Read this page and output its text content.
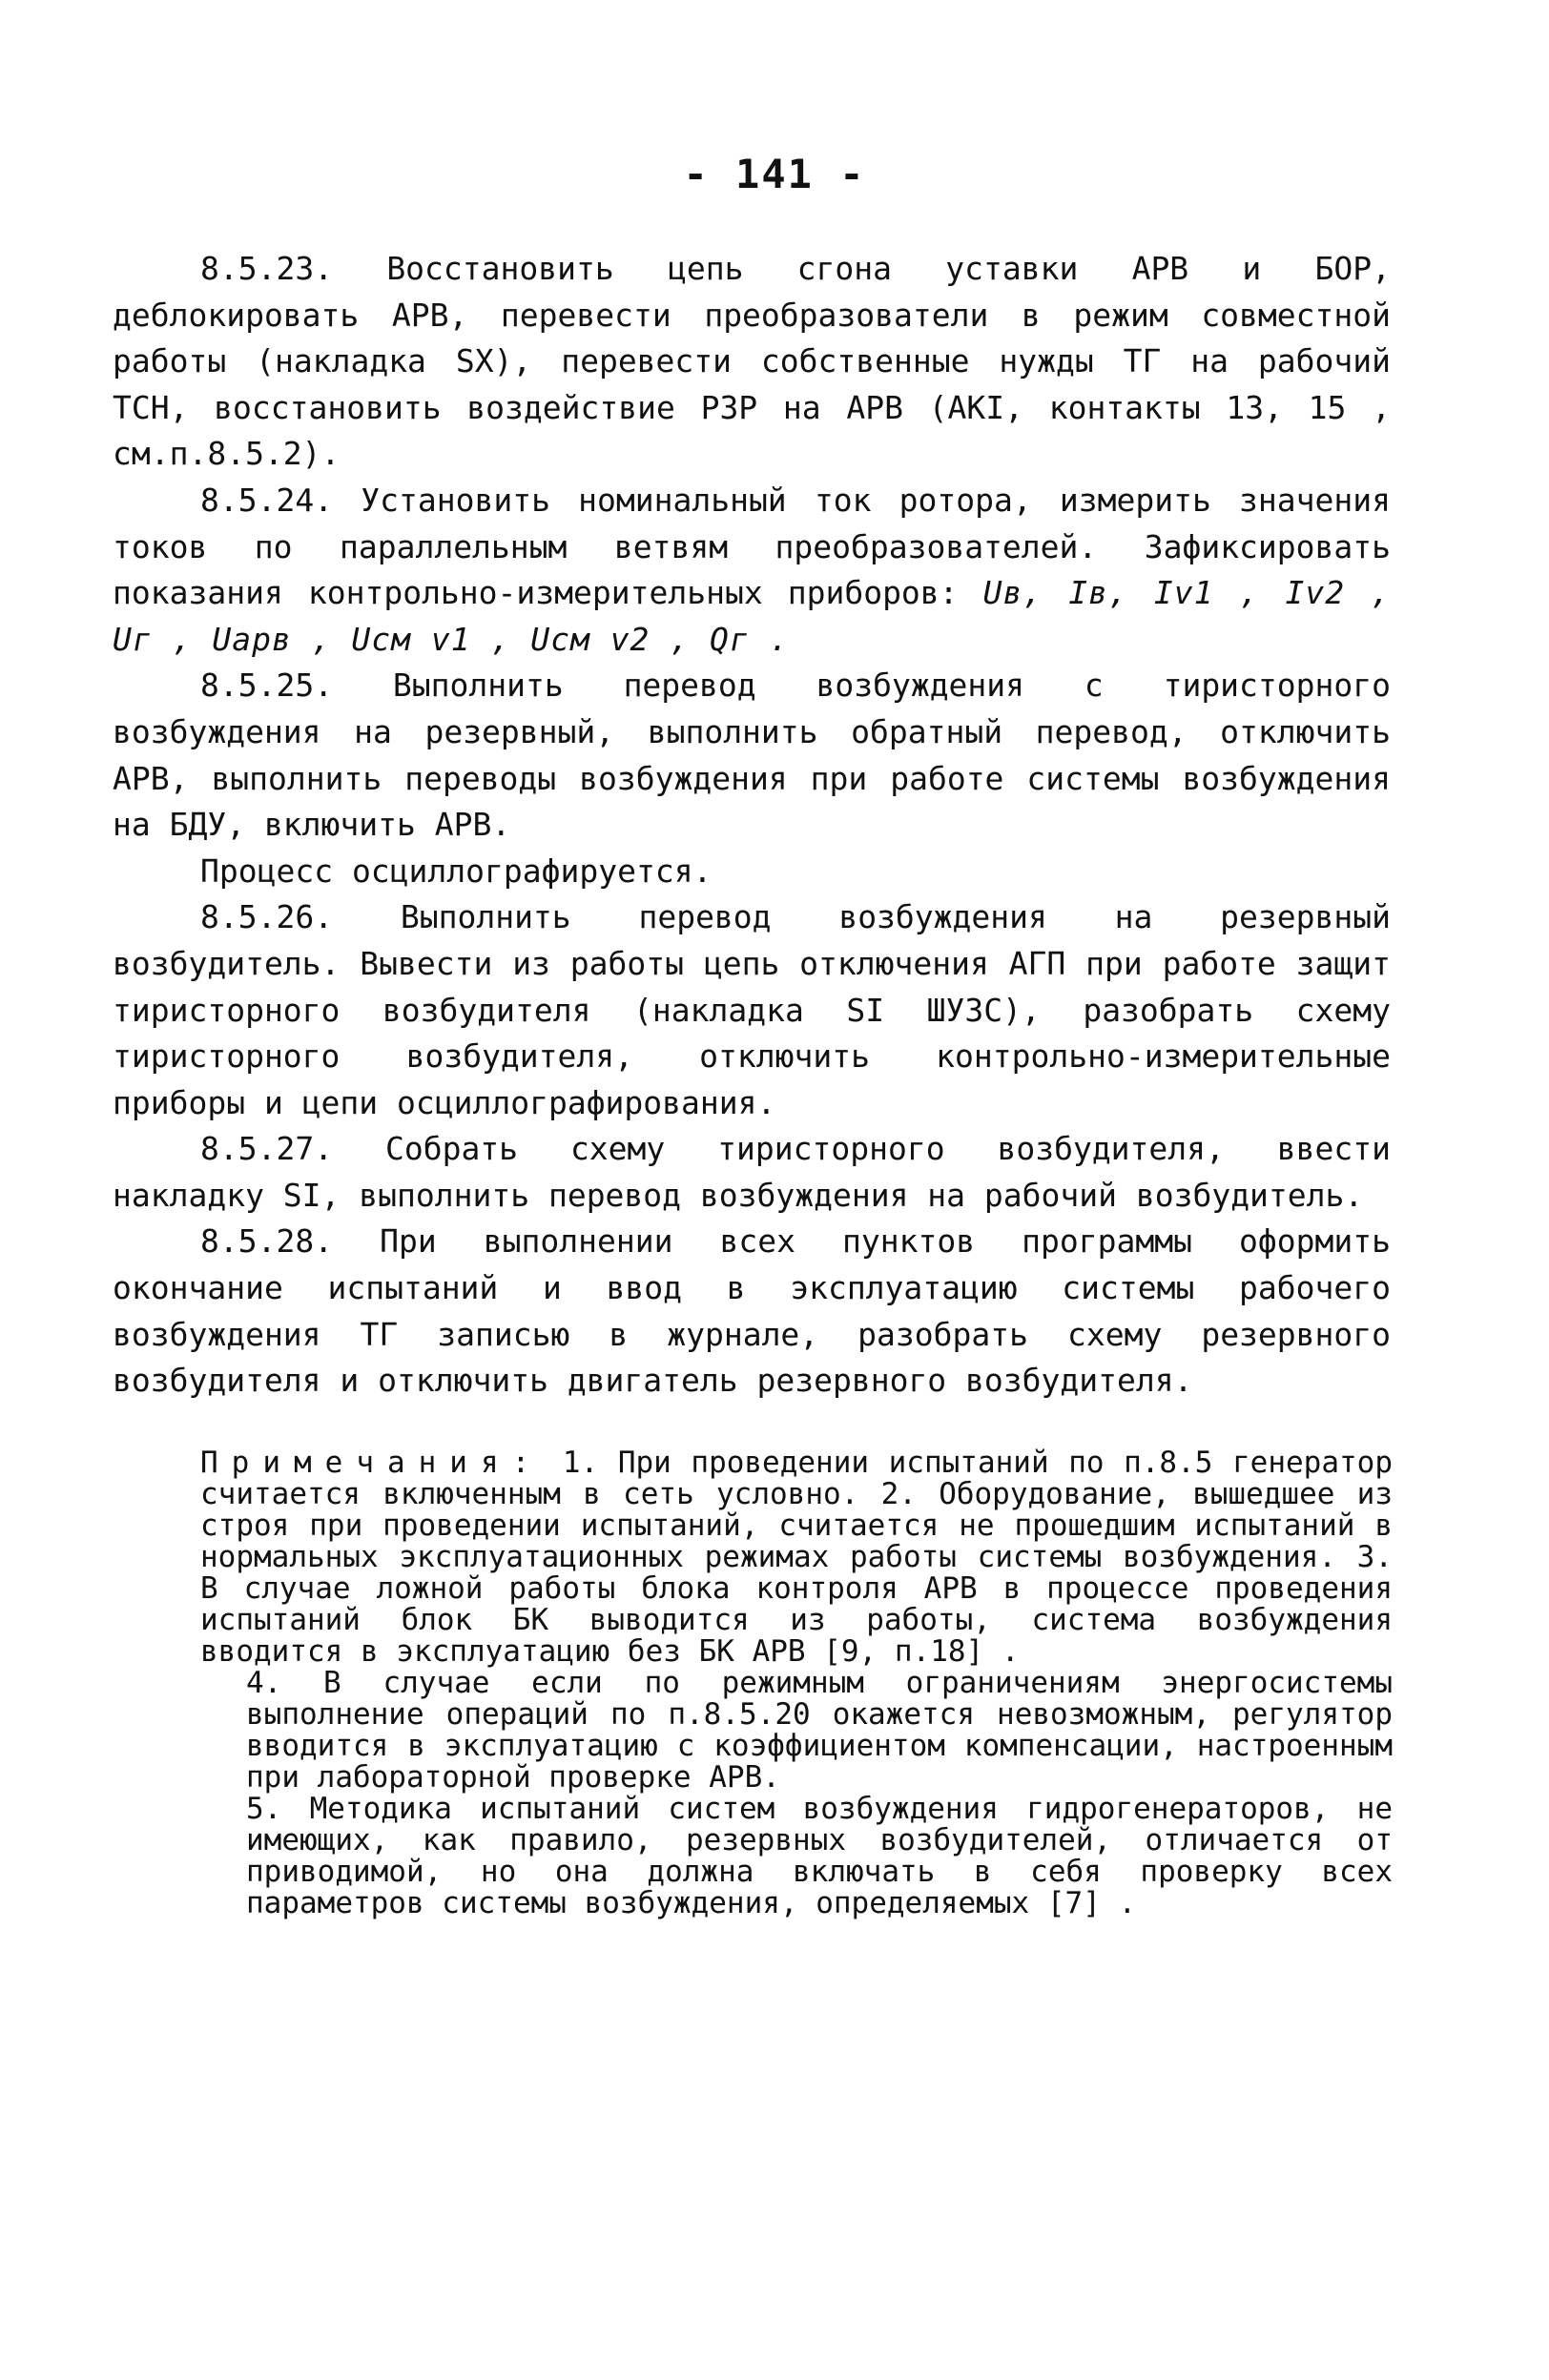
- 141 -

8.5.23. Восстановить цепь сгона уставки АРВ и БОР, деблокировать АРВ, перевести преобразователи в режим совместной работы (накладка SX), перевести собственные нужды ТГ на рабочий ТСН, восстановить воздействие РЗР на АРВ (АКI, контакты 13, 15 , см.п.8.5.2).

8.5.24. Установить номинальный ток ротора, измерить значения токов по параллельным ветвям преобразователей. Зафиксировать показания контрольно-измерительных приборов: Uв, Iв, Iv1 , Iv2 , Uг , Uарв , Uсм v1 , Uсм v2 , Qг .

8.5.25. Выполнить перевод возбуждения с тиристорного возбуждения на резервный, выполнить обратный перевод, отключить АРВ, выполнить переводы возбуждения при работе системы возбуждения на БДУ, включить АРВ.

Процесс осциллографируется.

8.5.26. Выполнить перевод возбуждения на резервный возбудитель. Вывести из работы цепь отключения АГП при работе защит тиристорного возбудителя (накладка SI ШУЗС), разобрать схему тиристорного возбудителя, отключить контрольно-измерительные приборы и цепи осциллографирования.

8.5.27. Собрать схему тиристорного возбудителя, ввести накладку SI, выполнить перевод возбуждения на рабочий возбудитель.

8.5.28. При выполнении всех пунктов программы оформить окончание испытаний и ввод в эксплуатацию системы рабочего возбуждения ТГ записью в журнале, разобрать схему резервного возбудителя и отключить двигатель резервного возбудителя.

Примечания: 1. При проведении испытаний по п.8.5 генератор считается включенным в сеть условно. 2. Оборудование, вышедшее из строя при проведении испытаний, считается не прошедшим испытаний в нормальных эксплуатационных режимах работы системы возбуждения. 3. В случае ложной работы блока контроля АРВ в процессе проведения испытаний блок БК выводится из работы, система возбуждения вводится в эксплуатацию без БК АРВ [9, п.18] .

4. В случае если по режимным ограничениям энергосистемы выполнение операций по п.8.5.20 окажется невозможным, регулятор вводится в эксплуатацию с коэффициентом компенсации, настроенным при лабораторной проверке АРВ.

5. Методика испытаний систем возбуждения гидрогенераторов, не имеющих, как правило, резервных возбудителей, отличается от приводимой, но она должна включать в себя проверку всех параметров системы возбуждения, определяемых [7] .
